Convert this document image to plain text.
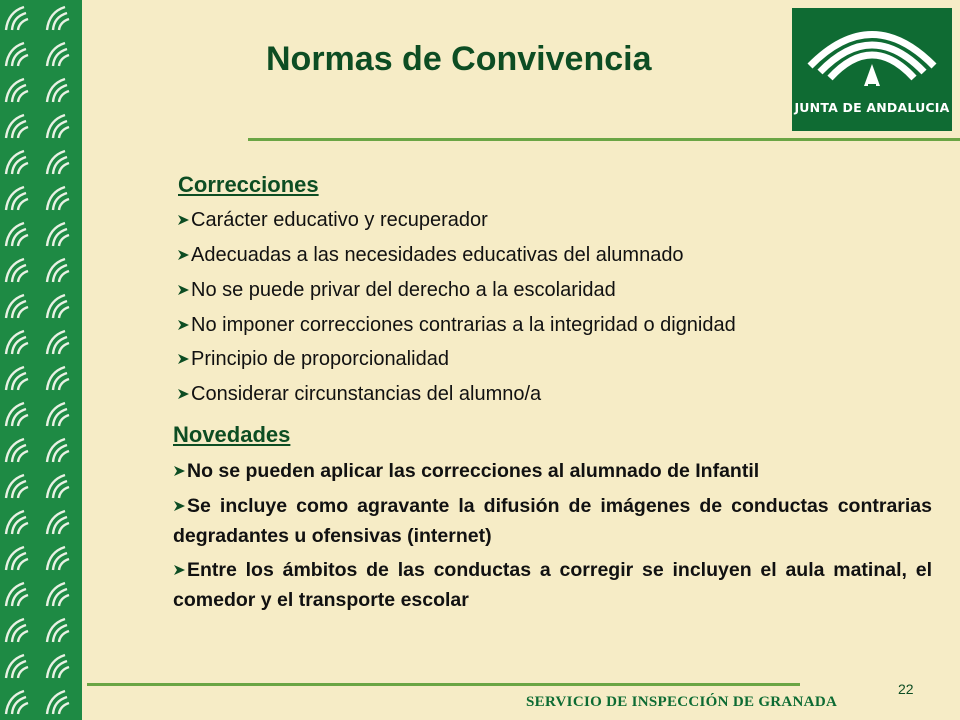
Normas de Convivencia
JUNTA DE ANDALUCIA
Correcciones
Carácter educativo y recuperador
Adecuadas a las necesidades educativas del alumnado
No se puede privar del derecho a la escolaridad
No imponer correcciones contrarias a la integridad o dignidad
Principio de proporcionalidad
Considerar circunstancias del alumno/a
Novedades
No se pueden aplicar las correcciones al alumnado de Infantil
Se incluye como agravante la difusión de imágenes de conductas contrarias degradantes u ofensivas (internet)
Entre los ámbitos de las conductas a corregir se incluyen el aula matinal, el comedor y el transporte escolar
22
SERVICIO DE INSPECCIÓN DE GRANADA
